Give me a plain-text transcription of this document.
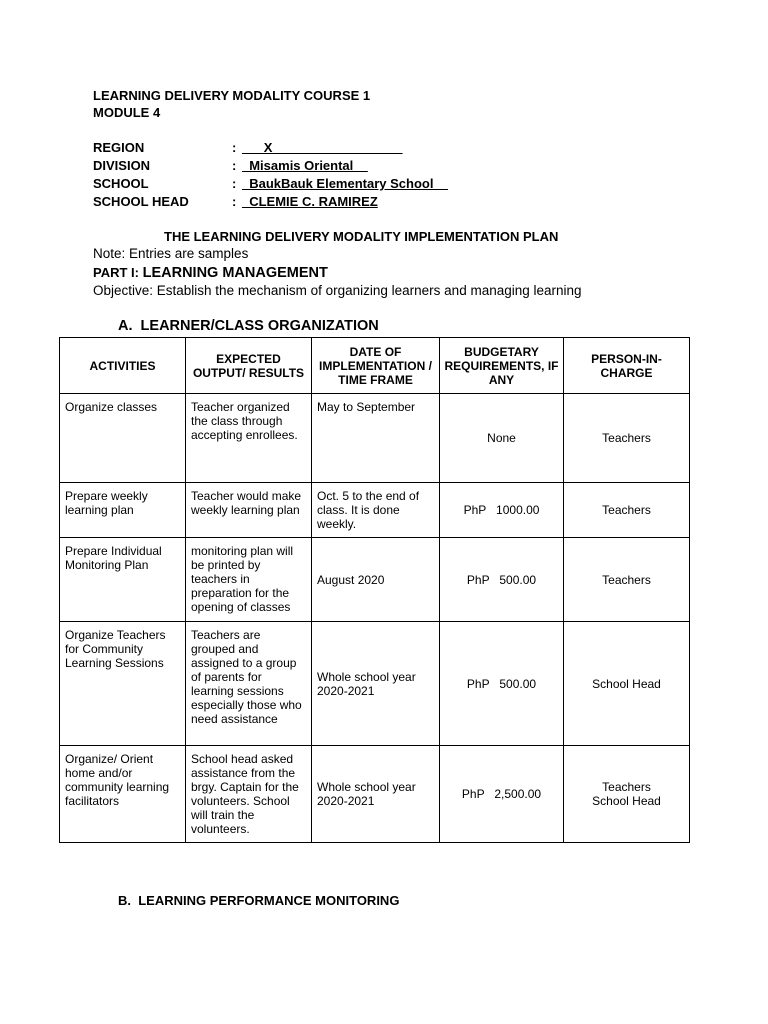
LEARNING DELIVERY MODALITY COURSE 1
MODULE 4
REGION	: ___X__________________
DIVISION	: _Misamis Oriental__
SCHOOL	: _BaukBauk Elementary School__
SCHOOL HEAD	: _CLEMIE C. RAMIREZ
THE LEARNING DELIVERY MODALITY IMPLEMENTATION PLAN
Note: Entries are samples
PART I: LEARNING MANAGEMENT
Objective: Establish the mechanism of organizing learners and managing learning
A.  LEARNER/CLASS ORGANIZATION
ACTIVITIES	EXPECTED OUTPUT/ RESULTS	DATE OF IMPLEMENTATION / TIME FRAME	BUDGETARY REQUIREMENTS, IF ANY	PERSON-IN-CHARGE
Organize classes	Teacher organized the class through accepting enrollees.	May to September	None	Teachers

Prepare weekly learning plan	Teacher would make weekly learning plan	Oct. 5 to the end of class. It is done weekly.	PhP   1000.00	Teachers

Prepare Individual Monitoring Plan	monitoring plan will be printed by teachers in preparation for the opening of classes	August 2020	PhP   500.00	Teachers

Organize Teachers for Community Learning Sessions	Teachers are grouped and assigned to a group of parents for learning sessions especially those who need assistance	Whole school year 2020-2021	PhP   500.00	School Head

Organize/ Orient home and/or community learning facilitators	School head asked assistance from the brgy. Captain for the volunteers. School will train the volunteers.	Whole school year 2020-2021	PhP   2,500.00	Teachers
School Head
B.  LEARNING PERFORMANCE MONITORING
